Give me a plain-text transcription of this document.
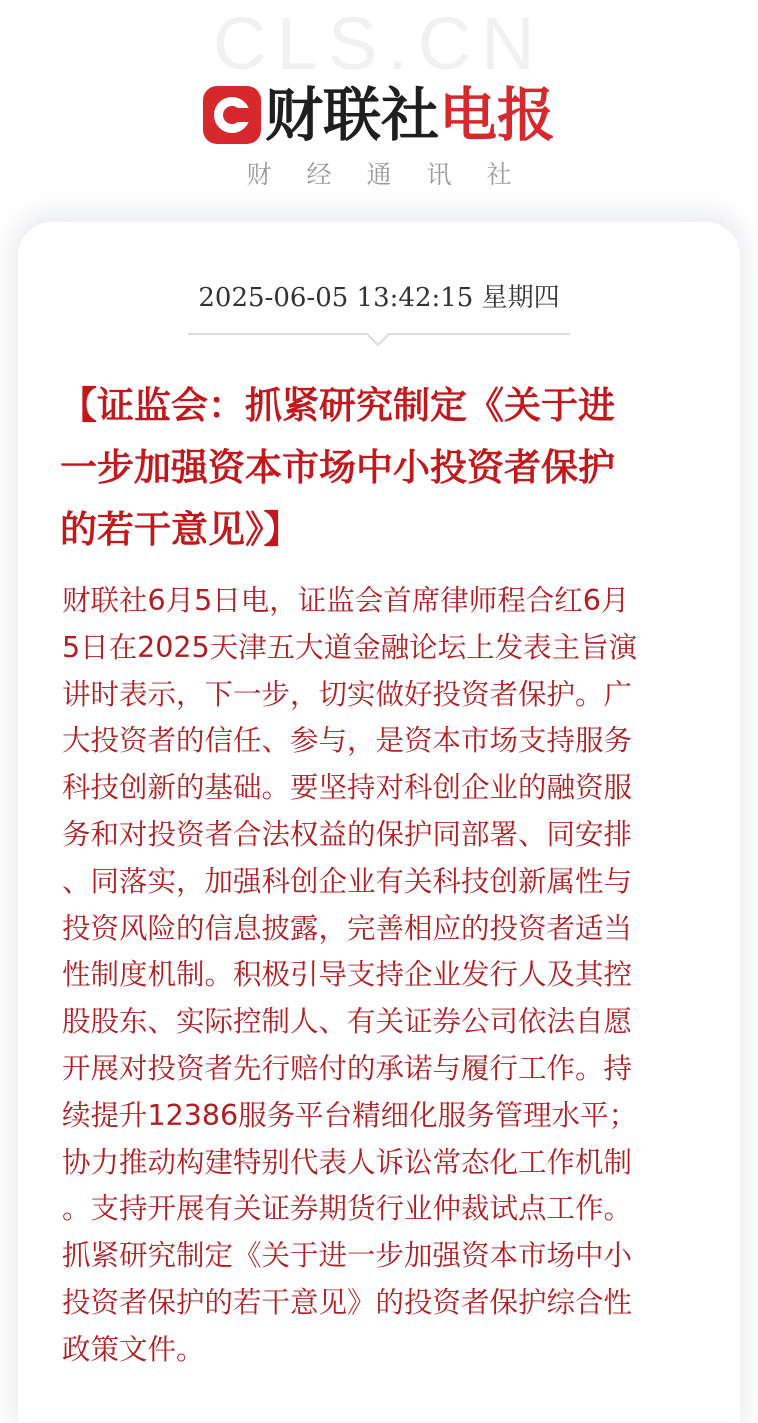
CLS.CN
财联社 电报
财经通讯社
2025-06-05 13:42:15 星期四
【证监会：抓紧研究制定《关于进
一步加强资本市场中小投资者保护
的若干意见》】
财联社6月5日电，证监会首席律师程合红6月
5日在2025天津五大道金融论坛上发表主旨演
讲时表示，下一步，切实做好投资者保护。广
大投资者的信任、参与，是资本市场支持服务
科技创新的基础。要坚持对科创企业的融资服
务和对投资者合法权益的保护同部署、同安排
、同落实，加强科创企业有关科技创新属性与
投资风险的信息披露，完善相应的投资者适当
性制度机制。积极引导支持企业发行人及其控
股股东、实际控制人、有关证券公司依法自愿
开展对投资者先行赔付的承诺与履行工作。持
续提升12386服务平台精细化服务管理水平；
协力推动构建特别代表人诉讼常态化工作机制
。支持开展有关证券期货行业仲裁试点工作。
抓紧研究制定《关于进一步加强资本市场中小
投资者保护的若干意见》的投资者保护综合性
政策文件。
